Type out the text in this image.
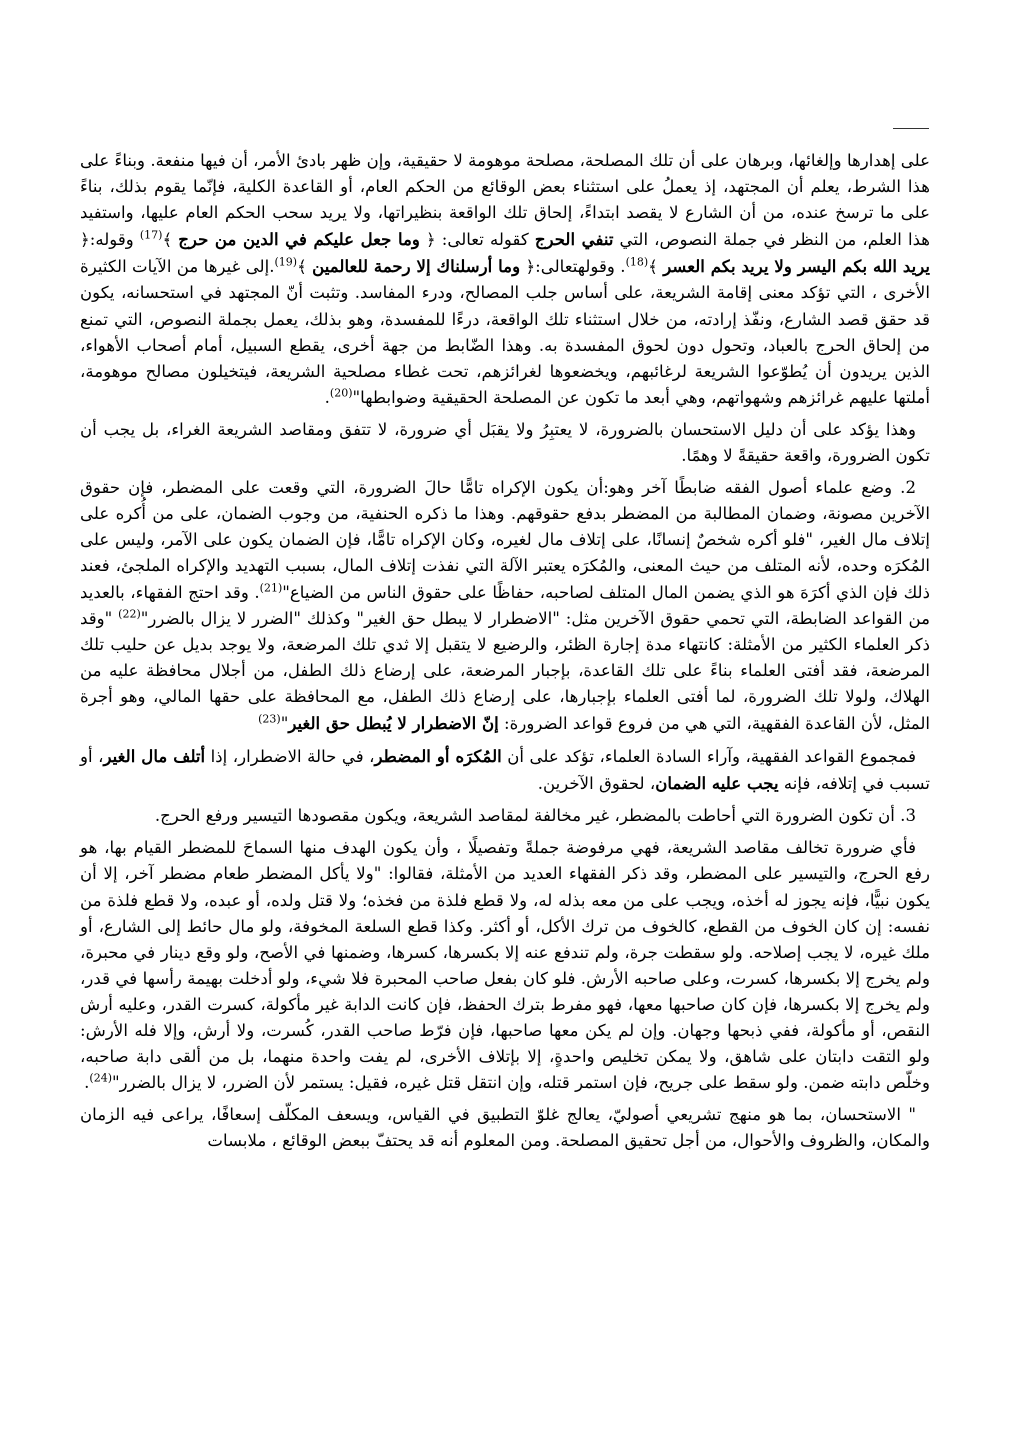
على إهدارها وإلغائها، وبرهان على أن تلك المصلحة، مصلحة موهومة لا حقيقية، وإن ظهر بادئ الأمر، أن فيها منفعة. وبناءً على هذا الشرط، يعلم أن المجتهد، إذ يعملُ على استثناء بعض الوقائع من الحكم العام، أو القاعدة الكلية، فإنّما يقوم بذلك، بناءً على ما ترسخ عنده، من أن الشارع لا يقصد ابتداءً، إلحاق تلك الواقعة بنظيراتها، ولا يريد سحب الحكم العام عليها، واستفيد هذا العلم، من النظر في جملة النصوص، التي تنفي الحرج كقوله تعالى: ﴿ وما جعل عليكم في الدين من حرج ﴾$^{(17)}$ وقوله:﴿ يريد الله بكم اليسر ولا يريد بكم العسر ﴾$^{(18)}$. وقولهتعالى:﴿ وما أرسلناك إلا رحمة للعالمين ﴾$^{(19)}$.إلى غيرها من الآيات الكثيرة الأخرى ، التي تؤكد معنى إقامة الشريعة، على أساس جلب المصالح، ودرء المفاسد. وتثبت أنّ المجتهد في استحسانه، يكون قد حقق قصد الشارع، ونفّذ إرادته، من خلال استثناء تلك الواقعة، درءًا للمفسدة، وهو بذلك، يعمل بجملة النصوص، التي تمنع من إلحاق الحرج بالعباد، وتحول دون لحوق المفسدة به. وهذا الضّابط من جهة أخرى، يقطع السبيل، أمام أصحاب الأهواء، الذين يريدون أن يُطوّعوا الشريعة لرغائبهم، ويخضعوها لغرائزهم، تحت غطاء مصلحية الشريعة، فيتخيلون مصالح موهومة، أملتها عليهم غرائزهم وشهواتهم، وهي أبعد ما تكون عن المصلحة الحقيقية وضوابطها"$^{(20)}$.

وهذا يؤكد على أن دليل الاستحسان بالضرورة، لا يعتبِرُ ولا يقبَل أي ضرورة، لا تتفق ومقاصد الشريعة الغراء، بل يجب أن تكون الضرورة، واقعة حقيقةً لا وهمًا.

2. وضع علماء أصول الفقه ضابطًا آخر وهو:أن يكون الإكراه تامًّا حالَ الضرورة، التي وقعت على المضطر، فإن حقوق الآخرين مصونة، وضمان المطالبة من المضطر بدفع حقوقهم. وهذا ما ذكره الحنفية، من وجوب الضمان، على من أُكره على إتلاف مال الغير، "فلو أكره شخصٌ إنسانًا، على إتلاف مال لغيره، وكان الإكراه تامًّا، فإن الضمان يكون على الآمر، وليس على المُكرَه وحده، لأنه المتلف من حيث المعنى، والمُكرَه يعتبر الآلة التي نفذت إتلاف المال، بسبب التهديد والإكراه الملجئ، فعند ذلك فإن الذي أكرَهَ هو الذي يضمن المال المتلف لصاحبه، حفاظًا على حقوق الناس من الضياع"$^{(21)}$. وقد احتج الفقهاء، بالعديد من القواعد الضابطة، التي تحمي حقوق الآخرين مثل: "الاضطرار لا يبطل حق الغير" وكذلك "الضرر لا يزال بالضرر"$^{(22)}$ "وقد ذكر العلماء الكثير من الأمثلة: كانتهاء مدة إجارة الظئر، والرضيع لا يتقبل إلا ثدي تلك المرضعة، ولا يوجد بديل عن حليب تلك المرضعة، فقد أفتى العلماء بناءً على تلك القاعدة، بإجبار المرضعة، على إرضاع ذلك الطفل، من أجلال محافظة عليه من الهلاك، ولولا تلك الضرورة، لما أفتى العلماء بإجبارها، على إرضاع ذلك الطفل، مع المحافظة على حقها المالي، وهو أجرة المثل، لأن القاعدة الفقهية، التي هي من فروع قواعد الضرورة: إنّ الاضطرار لا يُبطل حق الغير"$^{(23)}$

فمجموع القواعد الفقهية، وآراء السادة العلماء، تؤكد على أن المُكرَه أو المضطر، في حالة الاضطرار، إذا أتلف مال الغير، أو تسبب في إتلافه، فإنه يجب عليه الضمان، لحقوق الآخرين.

3. أن تكون الضرورة التي أحاطت بالمضطر، غير مخالفة لمقاصد الشريعة، ويكون مقصودها التيسير ورفع الحرج.

فأي ضرورة تخالف مقاصد الشريعة، فهي مرفوضة جملةً وتفصيلًا ، وأن يكون الهدف منها السماحَ للمضطر القيام بها، هو رفع الحرج، والتيسير على المضطر، وقد ذكر الفقهاء العديد من الأمثلة، فقالوا: "ولا يأكل المضطر طعام مضطر آخر، إلا أن يكون نبيًّا، فإنه يجوز له أخذه، ويجب على من معه بذله له، ولا قطع فلذة من فخذه؛ ولا قتل ولده، أو عبده، ولا قطع فلذة من نفسه: إن كان الخوف من القطع، كالخوف من ترك الأكل، أو أكثر. وكذا قطع السلعة المخوفة، ولو مال حائط إلى الشارع، أو ملك غيره، لا يجب إصلاحه. ولو سقطت جرة، ولم تندفع عنه إلا بكسرها، كسرها، وضمنها في الأصح، ولو وقع دينار في محبرة، ولم يخرج إلا بكسرها، كسرت، وعلى صاحبه الأرش. فلو كان بفعل صاحب المحبرة فلا شيء، ولو أدخلت بهيمة رأسها في قدر، ولم يخرج إلا بكسرها، فإن كان صاحبها معها، فهو مفرط بترك الحفظ، فإن كانت الدابة غير مأكولة، كسرت القدر، وعليه أرش النقص، أو مأكولة، ففي ذبحها وجهان. وإن لم يكن معها صاحبها، فإن فرّط صاحب القدر، كُسرت، ولا أرش، وإلا فله الأرش: ولو التقت دابتان على شاهق، ولا يمكن تخليص واحدةٍ، إلا بإتلاف الأخرى، لم يفت واحدة منهما، بل من ألقى دابة صاحبه، وخلّص دابته ضمن. ولو سقط على جريح، فإن استمر قتله، وإن انتقل قتل غيره، فقيل: يستمر لأن الضرر، لا يزال بالضرر"$^{(24)}$.

" الاستحسان، بما هو منهج تشريعي أصوليّ، يعالج غلوّ التطبيق في القياس، ويسعف المكلّف إسعافًا، يراعى فيه الزمان والمكان، والظروف والأحوال، من أجل تحقيق المصلحة. ومن المعلوم أنه قد يحتفّ ببعض الوقائع ، ملابسات
